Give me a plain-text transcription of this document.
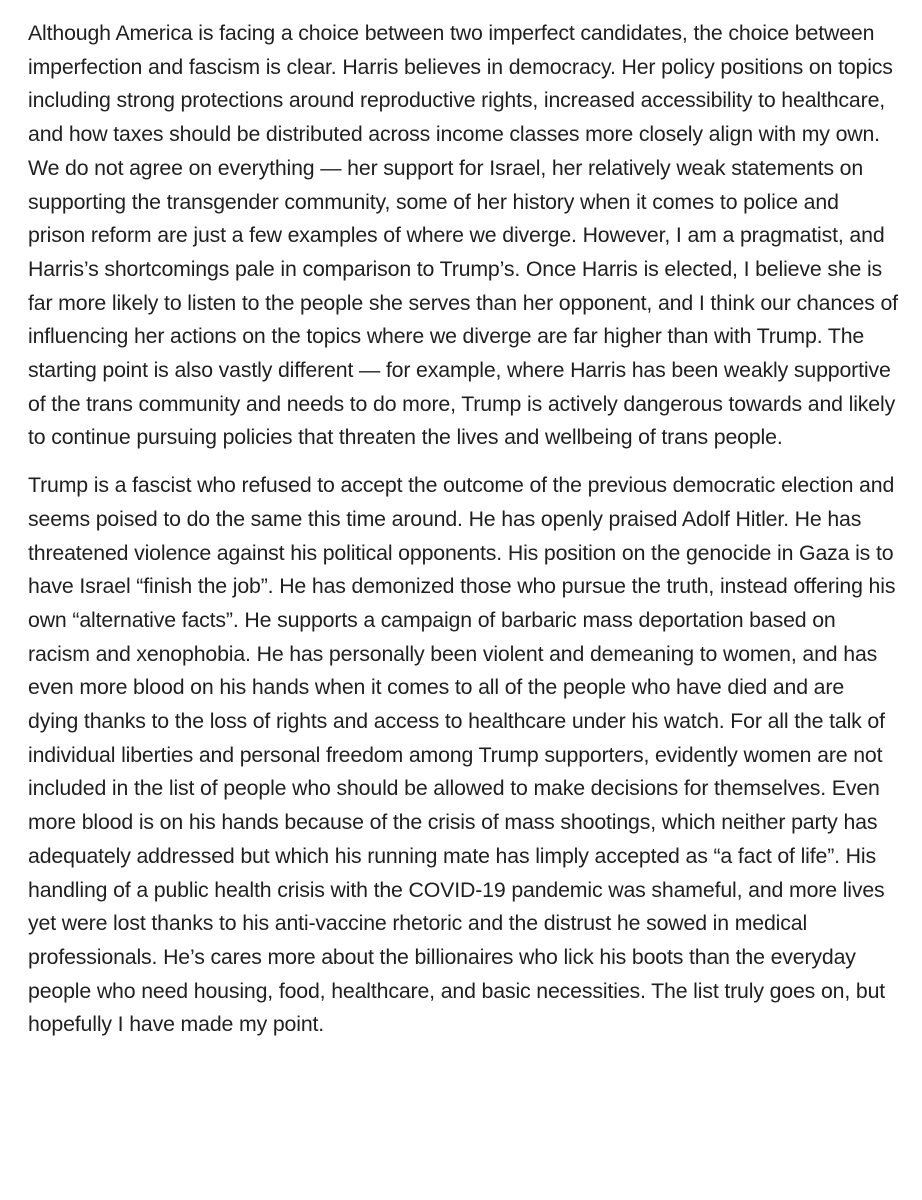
Although America is facing a choice between two imperfect candidates, the choice between imperfection and fascism is clear. Harris believes in democracy. Her policy positions on topics including strong protections around reproductive rights, increased accessibility to healthcare, and how taxes should be distributed across income classes more closely align with my own. We do not agree on everything — her support for Israel, her relatively weak statements on supporting the transgender community, some of her history when it comes to police and prison reform are just a few examples of where we diverge. However, I am a pragmatist, and Harris’s shortcomings pale in comparison to Trump’s. Once Harris is elected, I believe she is far more likely to listen to the people she serves than her opponent, and I think our chances of influencing her actions on the topics where we diverge are far higher than with Trump. The starting point is also vastly different — for example, where Harris has been weakly supportive of the trans community and needs to do more, Trump is actively dangerous towards and likely to continue pursuing policies that threaten the lives and wellbeing of trans people.

Trump is a fascist who refused to accept the outcome of the previous democratic election and seems poised to do the same this time around. He has openly praised Adolf Hitler. He has threatened violence against his political opponents. His position on the genocide in Gaza is to have Israel “finish the job”. He has demonized those who pursue the truth, instead offering his own “alternative facts”. He supports a campaign of barbaric mass deportation based on racism and xenophobia. He has personally been violent and demeaning to women, and has even more blood on his hands when it comes to all of the people who have died and are dying thanks to the loss of rights and access to healthcare under his watch. For all the talk of individual liberties and personal freedom among Trump supporters, evidently women are not included in the list of people who should be allowed to make decisions for themselves. Even more blood is on his hands because of the crisis of mass shootings, which neither party has adequately addressed but which his running mate has limply accepted as “a fact of life”. His handling of a public health crisis with the COVID-19 pandemic was shameful, and more lives yet were lost thanks to his anti-vaccine rhetoric and the distrust he sowed in medical professionals. He’s cares more about the billionaires who lick his boots than the everyday people who need housing, food, healthcare, and basic necessities. The list truly goes on, but hopefully I have made my point.
